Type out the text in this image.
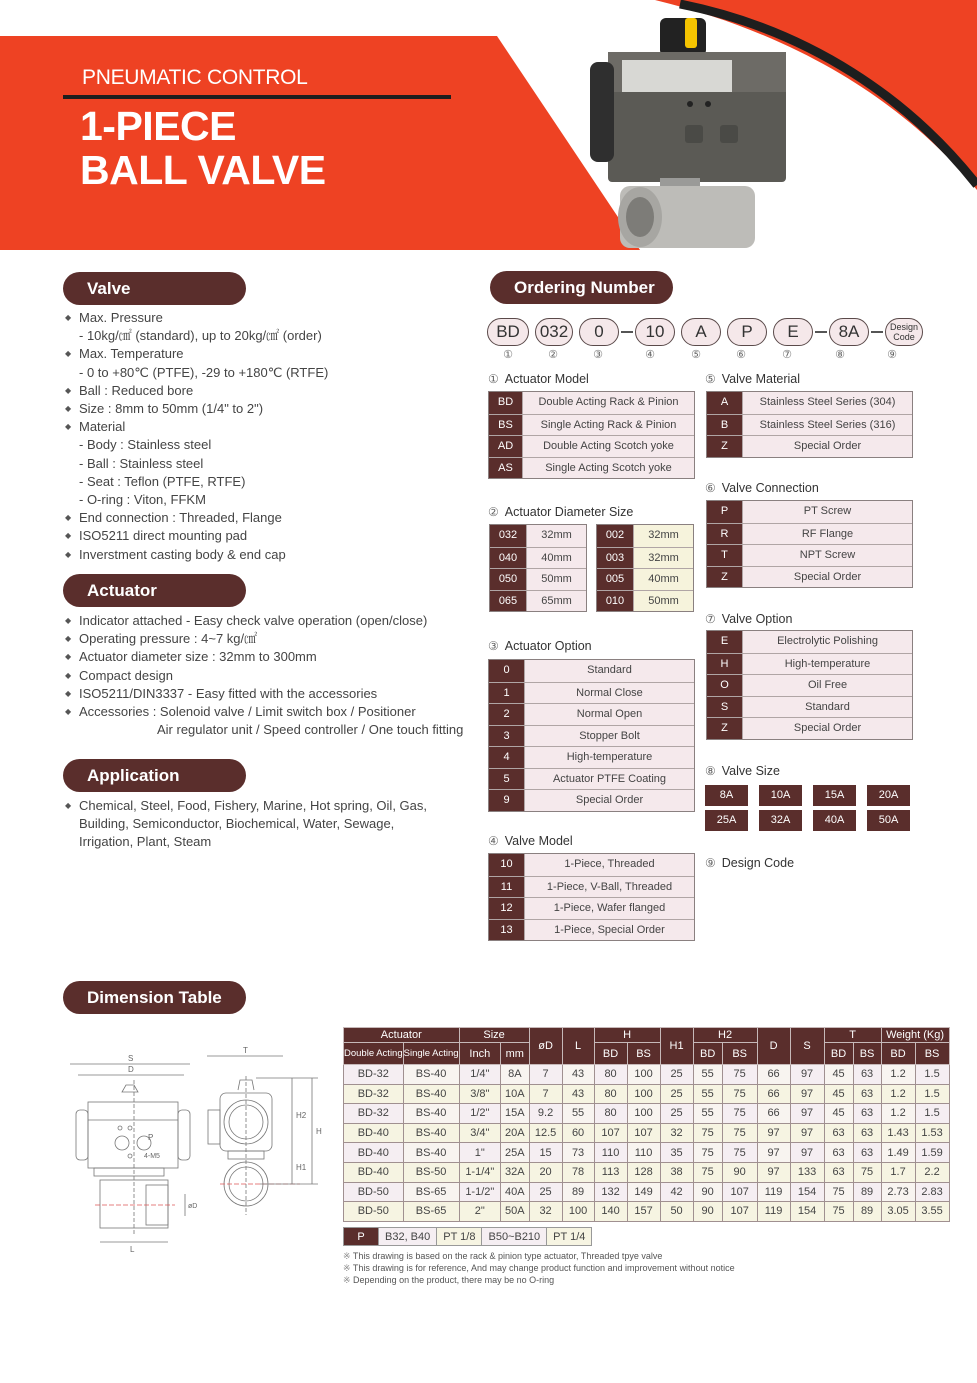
PNEUMATIC CONTROL
1-PIECE
BALL VALVE
Valve
◆ Max. Pressure
- 10kg/㎠ (standard), up to 20kg/㎠ (order)
◆ Max. Temperature
- 0 to +80℃ (PTFE), -29 to +180℃ (RTFE)
◆ Ball : Reduced bore
◆ Size : 8mm to 50mm (1/4" to 2")
◆ Material
- Body : Stainless steel
- Ball : Stainless steel
- Seat : Teflon (PTFE, RTFE)
- O-ring : Viton, FFKM
◆ End connection : Threaded, Flange
◆ ISO5211 direct mounting pad
◆ Inverstment casting body & end cap
Actuator
◆ Indicator attached - Easy check valve operation (open/close)
◆ Operating pressure : 4~7 kg/㎠
◆ Actuator diameter size : 32mm to 300mm
◆ Compact design
◆ ISO5211/DIN3337 - Easy fitted with the accessories
◆ Accessories : Solenoid valve / Limit switch box / Positioner
Air regulator unit / Speed controller / One touch fitting
Application
◆ Chemical, Steel, Food, Fishery, Marine, Hot spring, Oil, Gas,
Building, Semiconductor, Biochemical, Water, Sewage,
Irrigation, Plant, Steam
Ordering Number
BD	032	0	10	A	P	E	8A	Design Code
①	②	③	④	⑤	⑥	⑦	⑧	⑨
① Actuator Model
BD	Double Acting Rack & Pinion
BS	Single Acting Rack & Pinion
AD	Double Acting Scotch yoke
AS	Single Acting Scotch yoke
② Actuator Diameter Size
032	32mm
040	40mm
050	50mm
065	65mm
002	32mm
003	32mm
005	40mm
010	50mm
③ Actuator Option
0	Standard
1	Normal Close
2	Normal Open
3	Stopper Bolt
4	High-temperature
5	Actuator PTFE Coating
9	Special Order
④ Valve Model
10	1-Piece, Threaded
11	1-Piece, V-Ball, Threaded
12	1-Piece, Wafer flanged
13	1-Piece, Special Order
⑤ Valve Material
A	Stainless Steel Series (304)
B	Stainless Steel Series (316)
Z	Special Order
⑥ Valve Connection
P	PT Screw
R	RF Flange
T	NPT Screw
Z	Special Order
⑦ Valve Option
E	Electrolytic Polishing
H	High-temperature
O	Oil Free
S	Standard
Z	Special Order
⑧ Valve Size
8A	10A	15A	20A
25A	32A	40A	50A
⑨ Design Code
Dimension Table
S
D
L
T
P
4-M5
H2
H1
H
øD
Actuator		Size		øD	L	H		H1	H2		D	S	T		Weight (Kg)	
Double Acting	Single Acting	Inch	mm			BD	BS		BD	BS			BD	BS	BD	BS
BD-32	BS-40	1/4"	8A	7	43	80	100	25	55	75	66	97	45	63	1.2	1.5
BD-32	BS-40	3/8"	10A	7	43	80	100	25	55	75	66	97	45	63	1.2	1.5
BD-32	BS-40	1/2"	15A	9.2	55	80	100	25	55	75	66	97	45	63	1.2	1.5
BD-40	BS-40	3/4"	20A	12.5	60	107	107	32	75	75	97	97	63	63	1.43	1.53
BD-40	BS-40	1"	25A	15	73	110	110	35	75	75	97	97	63	63	1.49	1.59
BD-40	BS-50	1-1/4"	32A	20	78	113	128	38	75	90	97	133	63	75	1.7	2.2
BD-50	BS-65	1-1/2"	40A	25	89	132	149	42	90	107	119	154	75	89	2.73	2.83
BD-50	BS-65	2"	50A	32	100	140	157	50	90	107	119	154	75	89	3.05	3.55
P	B32, B40	PT 1/8	B50~B210	PT 1/4
※ This drawing is based on the rack & pinion type actuator, Threaded tpye valve
※ This drawing is for reference, And may change product function and improvement without notice
※ Depending on the product, there may be no O-ring
